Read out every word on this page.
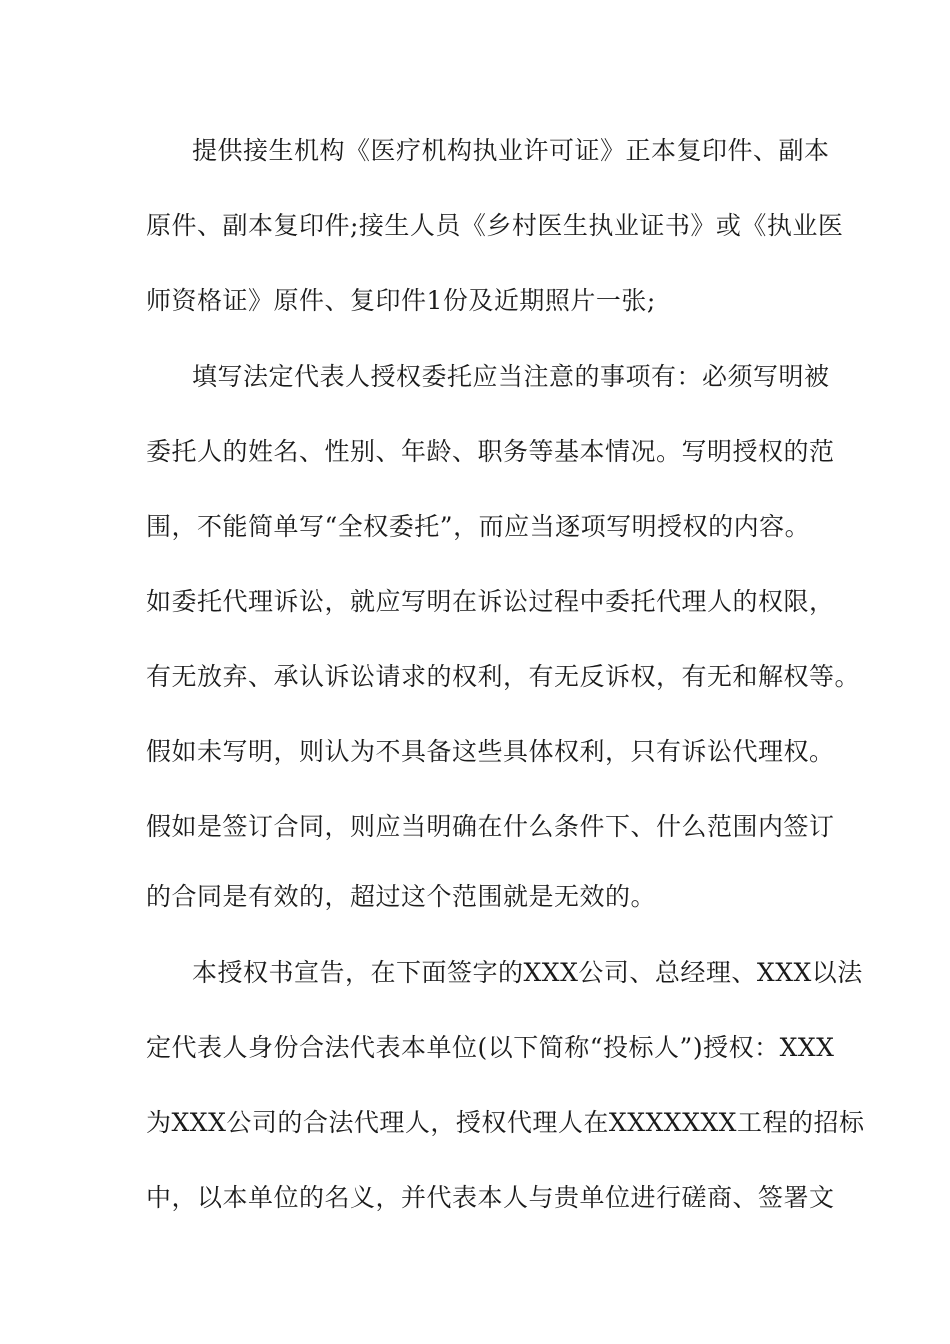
提供接生机构《医疗机构执业许可证》正本复印件、副本
原件、副本复印件;接生人员《乡村医生执业证书》或《执业医
师资格证》原件、复印件1份及近期照片一张;
填写法定代表人授权委托应当注意的事项有：必须写明被
委托人的姓名、性别、年龄、职务等基本情况。写明授权的范
围，不能简单写“全权委托”，而应当逐项写明授权的内容。
如委托代理诉讼，就应写明在诉讼过程中委托代理人的权限，
有无放弃、承认诉讼请求的权利，有无反诉权，有无和解权等。
假如未写明，则认为不具备这些具体权利，只有诉讼代理权。
假如是签订合同，则应当明确在什么条件下、什么范围内签订
的合同是有效的，超过这个范围就是无效的。
本授权书宣告，在下面签字的XXX公司、总经理、XXX以法
定代表人身份合法代表本单位(以下简称“投标人”)授权：XXX
为XXX公司的合法代理人，授权代理人在XXXXXXX工程的招标
中，以本单位的名义，并代表本人与贵单位进行磋商、签署文
